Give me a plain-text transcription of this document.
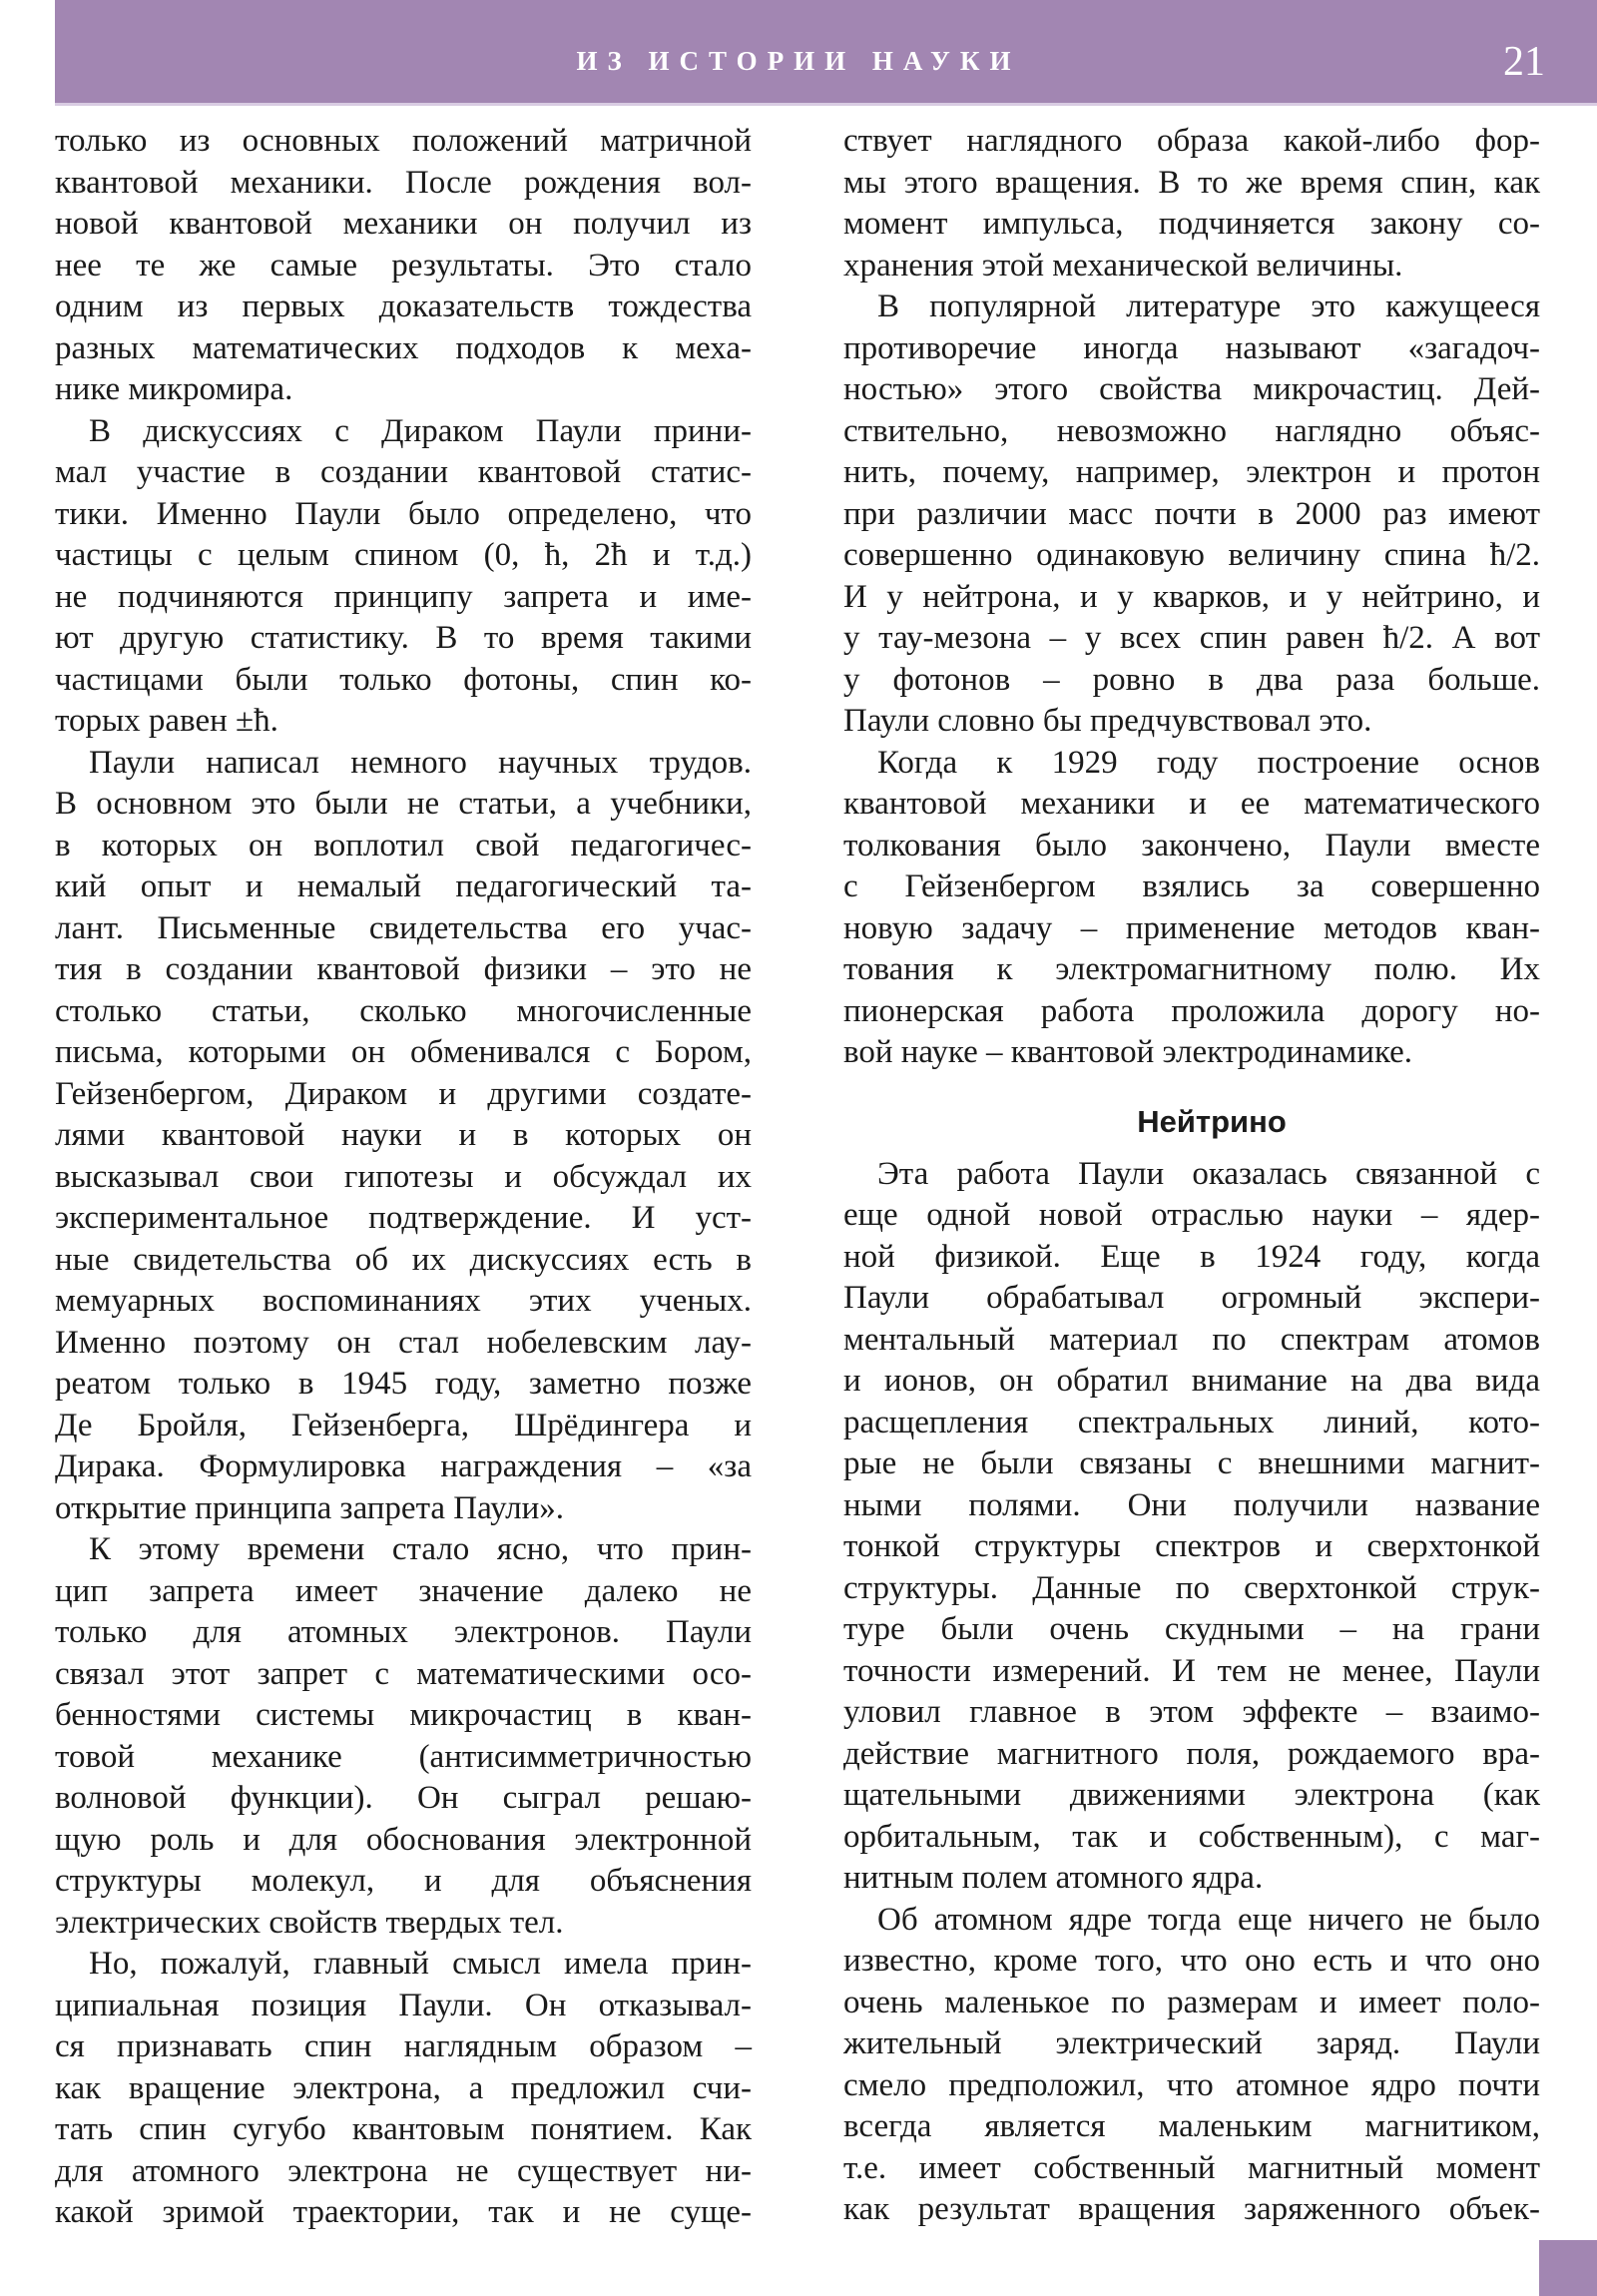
ИЗ ИСТОРИИ НАУКИ	21
только из основных положений матричной
квантовой механики. После рождения вол-
новой квантовой механики он получил из
нее те же самые результаты. Это стало
одним из первых доказательств тождества
разных математических подходов к меха-
нике микромира.
В дискуссиях с Дираком Паули прини-
мал участие в создании квантовой статис-
тики. Именно Паули было определено, что
частицы с целым спином (0, ħ, 2ħ и т.д.)
не подчиняются принципу запрета и име-
ют другую статистику. В то время такими
частицами были только фотоны, спин ко-
торых равен ±ħ.
Паули написал немного научных трудов.
В основном это были не статьи, а учебники,
в которых он воплотил свой педагогичес-
кий опыт и немалый педагогический та-
лант. Письменные свидетельства его учас-
тия в создании квантовой физики – это не
столько статьи, сколько многочисленные
письма, которыми он обменивался с Бором,
Гейзенбергом, Дираком и другими создате-
лями квантовой науки и в которых он
высказывал свои гипотезы и обсуждал их
экспериментальное подтверждение. И уст-
ные свидетельства об их дискуссиях есть в
мемуарных воспоминаниях этих ученых.
Именно поэтому он стал нобелевским лау-
реатом только в 1945 году, заметно позже
Де Бройля, Гейзенберга, Шрёдингера и
Дирака. Формулировка награждения – «за
открытие принципа запрета Паули».
К этому времени стало ясно, что прин-
цип запрета имеет значение далеко не
только для атомных электронов. Паули
связал этот запрет с математическими осо-
бенностями системы микрочастиц в кван-
товой механике (антисимметричностью
волновой функции). Он сыграл решаю-
щую роль и для обоснования электронной
структуры молекул, и для объяснения
электрических свойств твердых тел.
Но, пожалуй, главный смысл имела прин-
ципиальная позиция Паули. Он отказывал-
ся признавать спин наглядным образом –
как вращение электрона, а предложил счи-
тать спин сугубо квантовым понятием. Как
для атомного электрона не существует ни-
какой зримой траектории, так и не суще-
ствует наглядного образа какой-либо фор-
мы этого вращения. В то же время спин, как
момент импульса, подчиняется закону со-
хранения этой механической величины.
В популярной литературе это кажущееся
противоречие иногда называют «загадоч-
ностью» этого свойства микрочастиц. Дей-
ствительно, невозможно наглядно объяс-
нить, почему, например, электрон и протон
при различии масс почти в 2000 раз имеют
совершенно одинаковую величину спина ħ/2.
И у нейтрона, и у кварков, и у нейтрино, и
у тау-мезона – у всех спин равен ħ/2. А вот
у фотонов – ровно в два раза больше.
Паули словно бы предчувствовал это.
Когда к 1929 году построение основ
квантовой механики и ее математического
толкования было закончено, Паули вместе
с Гейзенбергом взялись за совершенно
новую задачу – применение методов кван-
тования к электромагнитному полю. Их
пионерская работа проложила дорогу но-
вой науке – квантовой электродинамике.
Нейтрино
Эта работа Паули оказалась связанной с
еще одной новой отраслью науки – ядер-
ной физикой. Еще в 1924 году, когда
Паули обрабатывал огромный экспери-
ментальный материал по спектрам атомов
и ионов, он обратил внимание на два вида
расщепления спектральных линий, кото-
рые не были связаны с внешними магнит-
ными полями. Они получили название
тонкой структуры спектров и сверхтонкой
структуры. Данные по сверхтонкой струк-
туре были очень скудными – на грани
точности измерений. И тем не менее, Паули
уловил главное в этом эффекте – взаимо-
действие магнитного поля, рождаемого вра-
щательными движениями электрона (как
орбитальным, так и собственным), с маг-
нитным полем атомного ядра.
Об атомном ядре тогда еще ничего не было
известно, кроме того, что оно есть и что оно
очень маленькое по размерам и имеет поло-
жительный электрический заряд. Паули
смело предположил, что атомное ядро почти
всегда является маленьким магнитиком,
т.е. имеет собственный магнитный момент
как результат вращения заряженного объек-
